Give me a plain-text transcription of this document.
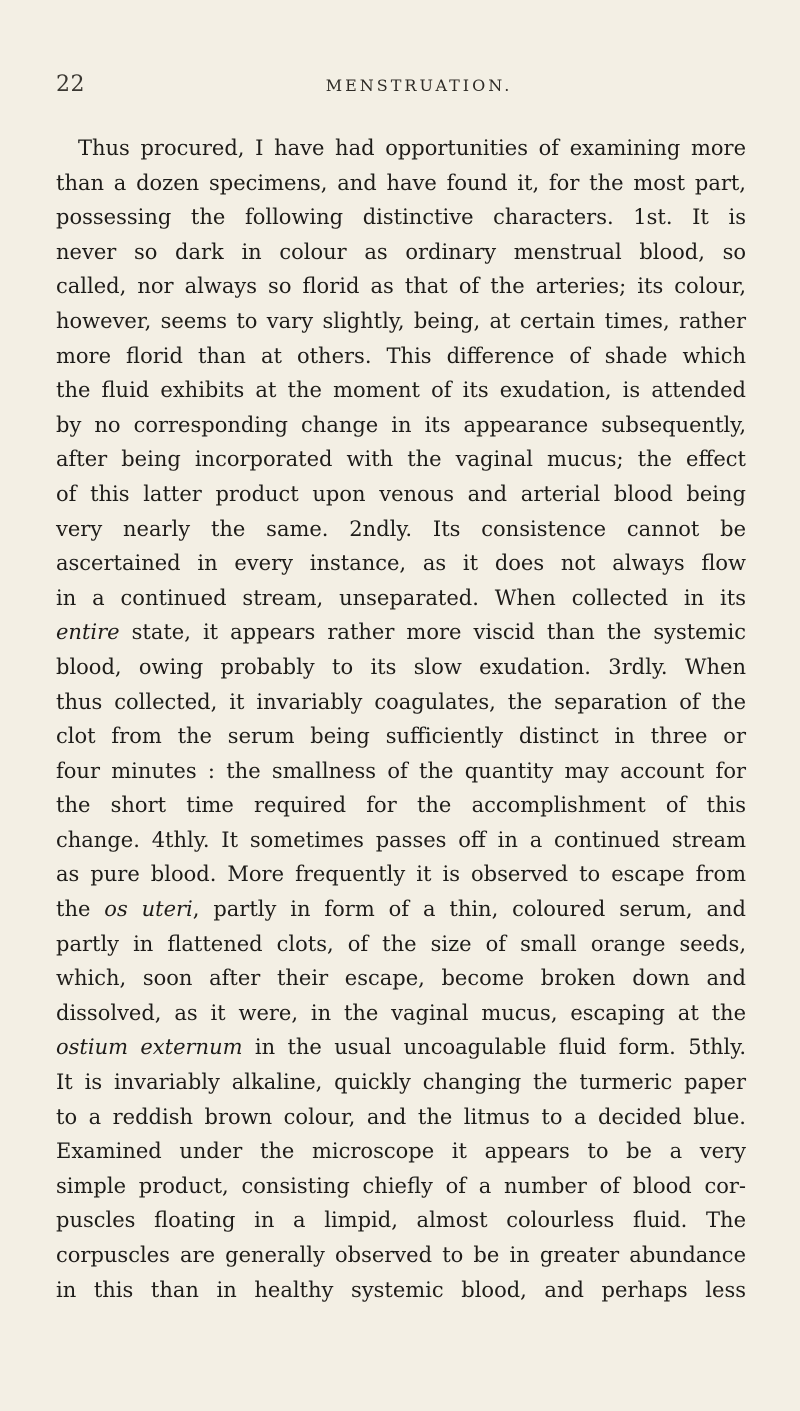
22	MENSTRUATION.
Thus procured, I have had opportunities of examining more
than a dozen specimens, and have found it, for the most part,
possessing the following distinctive characters. 1st. It is
never so dark in colour as ordinary menstrual blood, so
called, nor always so florid as that of the arteries; its colour,
however, seems to vary slightly, being, at certain times, rather
more florid than at others. This difference of shade which
the fluid exhibits at the moment of its exudation, is attended
by no corresponding change in its appearance subsequently,
after being incorporated with the vaginal mucus; the effect
of this latter product upon venous and arterial blood being
very nearly the same. 2ndly. Its consistence cannot be
ascertained in every instance, as it does not always flow
in a continued stream, unseparated. When collected in its
entire state, it appears rather more viscid than the systemic
blood, owing probably to its slow exudation. 3rdly. When
thus collected, it invariably coagulates, the separation of the
clot from the serum being sufficiently distinct in three or
four minutes : the smallness of the quantity may account for
the short time required for the accomplishment of this
change. 4thly. It sometimes passes off in a continued stream
as pure blood. More frequently it is observed to escape from
the os uteri, partly in form of a thin, coloured serum, and
partly in flattened clots, of the size of small orange seeds,
which, soon after their escape, become broken down and
dissolved, as it were, in the vaginal mucus, escaping at the
ostium externum in the usual uncoagulable fluid form. 5thly.
It is invariably alkaline, quickly changing the turmeric paper
to a reddish brown colour, and the litmus to a decided blue.
Examined under the microscope it appears to be a very
simple product, consisting chiefly of a number of blood cor-
puscles floating in a limpid, almost colourless fluid. The
corpuscles are generally observed to be in greater abundance
in this than in healthy systemic blood, and perhaps less
